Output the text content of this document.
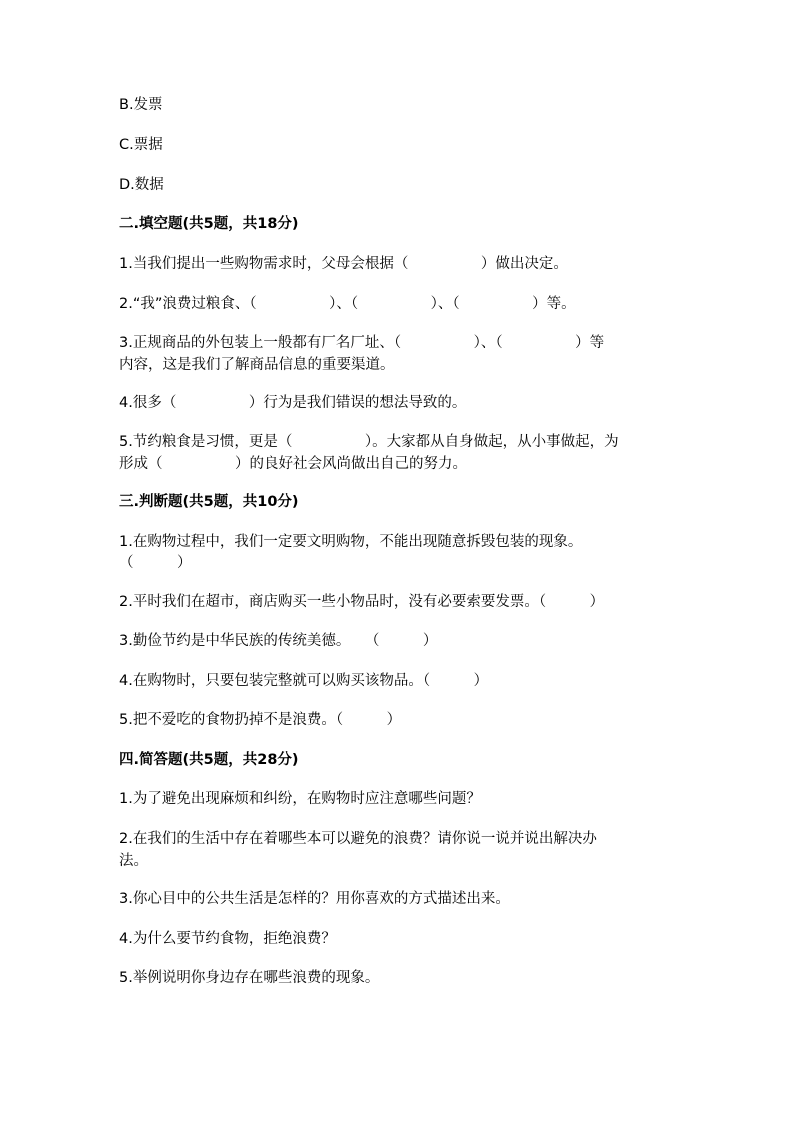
B.发票

C.票据

D.数据

二.填空题(共5题，共18分)

1.当我们提出一些购物需求时，父母会根据（　　　　　）做出决定。

2.“我”浪费过粮食、（　　　　　）、（　　　　　）、（　　　　　）等。

3.正规商品的外包装上一般都有厂名厂址、（　　　　　）、（　　　　　）等

内容，这是我们了解商品信息的重要渠道。

4.很多（　　　　　）行为是我们错误的想法导致的。

5.节约粮食是习惯，更是（　　　　　）。大家都从自身做起，从小事做起，为

形成（　　　　　）的良好社会风尚做出自己的努力。

三.判断题(共5题，共10分)

1.在购物过程中，我们一定要文明购物，不能出现随意拆毁包装的现象。

（　　　）

2.平时我们在超市，商店购买一些小物品时，没有必要索要发票。（　　　）

3.勤俭节约是中华民族的传统美德。　　（　　　）

4.在购物时，只要包装完整就可以购买该物品。（　　　）

5.把不爱吃的食物扔掉不是浪费。（　　　）

四.简答题(共5题，共28分)

1.为了避免出现麻烦和纠纷，在购物时应注意哪些问题？

2.在我们的生活中存在着哪些本可以避免的浪费？请你说一说并说出解决办

法。

3.你心目中的公共生活是怎样的？用你喜欢的方式描述出来。

4.为什么要节约食物，拒绝浪费？

5.举例说明你身边存在哪些浪费的现象。
